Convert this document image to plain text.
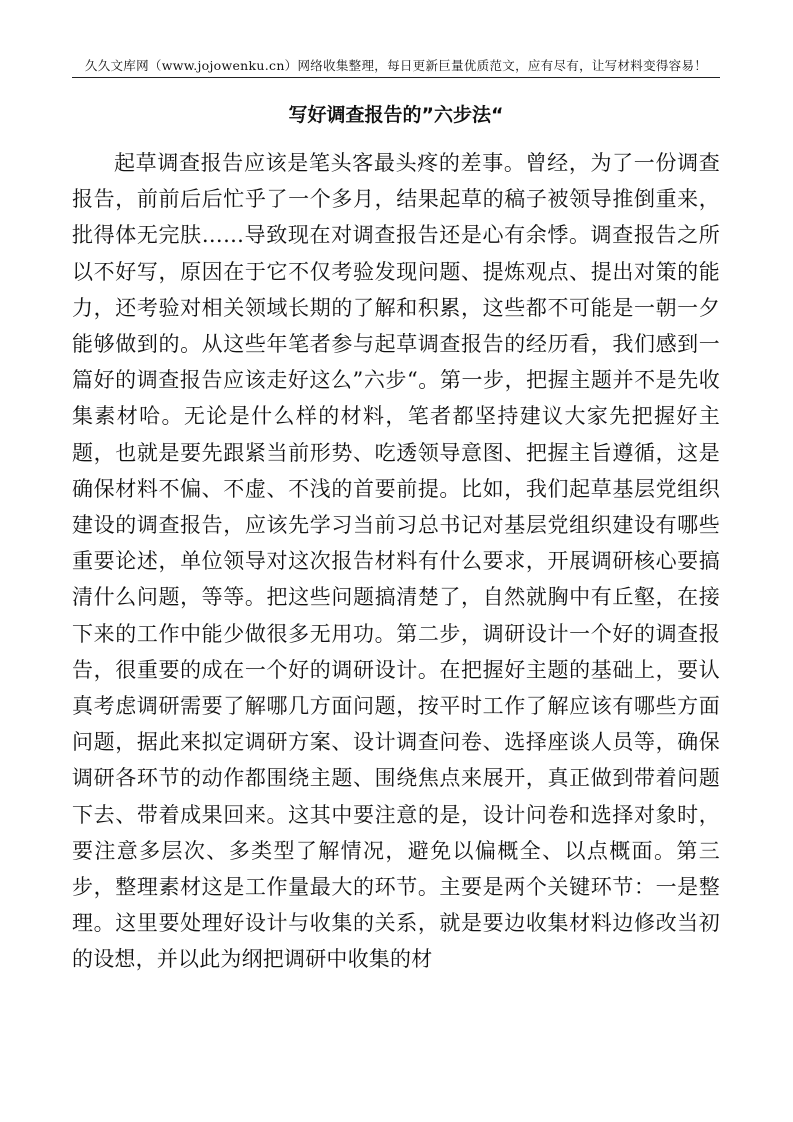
久久文库网（www.jojowenku.cn）网络收集整理，每日更新巨量优质范文，应有尽有，让写材料变得容易！
写好调查报告的”六步法“

起草调查报告应该是笔头客最头疼的差事。曾经，为了一份调查报告，前前后后忙乎了一个多月，结果起草的稿子被领导推倒重来，批得体无完肤……导致现在对调查报告还是心有余悸。调查报告之所以不好写，原因在于它不仅考验发现问题、提炼观点、提出对策的能力，还考验对相关领域长期的了解和积累，这些都不可能是一朝一夕能够做到的。从这些年笔者参与起草调查报告的经历看，我们感到一篇好的调查报告应该走好这么”六步“。第一步，把握主题并不是先收集素材哈。无论是什么样的材料，笔者都坚持建议大家先把握好主题，也就是要先跟紧当前形势、吃透领导意图、把握主旨遵循，这是确保材料不偏、不虚、不浅的首要前提。比如，我们起草基层党组织建设的调查报告，应该先学习当前习总书记对基层党组织建设有哪些重要论述，单位领导对这次报告材料有什么要求，开展调研核心要搞清什么问题，等等。把这些问题搞清楚了，自然就胸中有丘壑，在接下来的工作中能少做很多无用功。第二步，调研设计一个好的调查报告，很重要的成在一个好的调研设计。在把握好主题的基础上，要认真考虑调研需要了解哪几方面问题，按平时工作了解应该有哪些方面问题，据此来拟定调研方案、设计调查问卷、选择座谈人员等，确保调研各环节的动作都围绕主题、围绕焦点来展开，真正做到带着问题下去、带着成果回来。这其中要注意的是，设计问卷和选择对象时，要注意多层次、多类型了解情况，避免以偏概全、以点概面。第三步，整理素材这是工作量最大的环节。主要是两个关键环节：一是整理。这里要处理好设计与收集的关系，就是要边收集材料边修改当初的设想，并以此为纲把调研中收集的材
